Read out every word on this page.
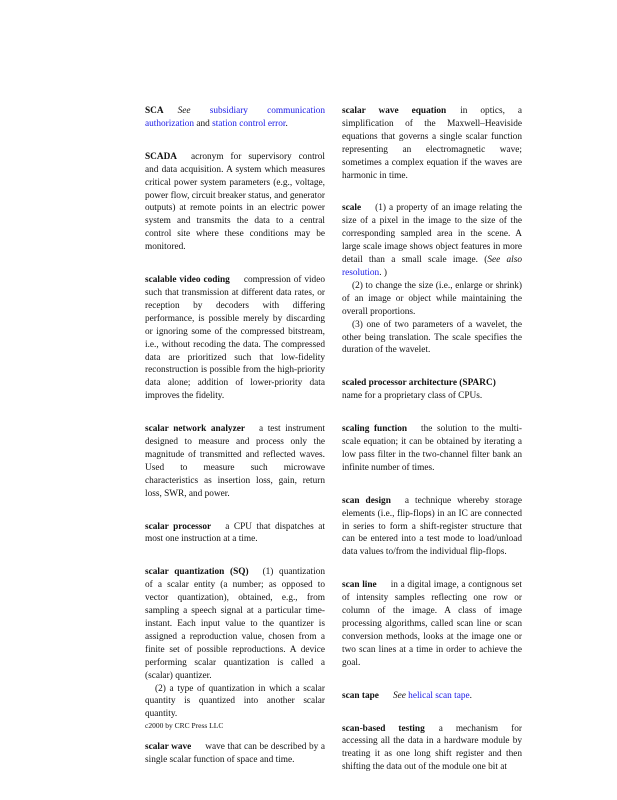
SCA See subsidiary communication authorization and station control error.

SCADA acronym for supervisory control and data acquisition. A system which measures critical power system parameters (e.g., voltage, power flow, circuit breaker status, and generator outputs) at remote points in an electric power system and transmits the data to a central control site where these conditions may be monitored.

scalable video coding compression of video such that transmission at different data rates, or reception by decoders with differing performance, is possible merely by discarding or ignoring some of the compressed bitstream, i.e., without recoding the data. The compressed data are prioritized such that low-fidelity reconstruction is possible from the high-priority data alone; addition of lower-priority data improves the fidelity.

scalar network analyzer a test instrument designed to measure and process only the magnitude of transmitted and reflected waves. Used to measure such microwave characteristics as insertion loss, gain, return loss, SWR, and power.

scalar processor a CPU that dispatches at most one instruction at a time.

scalar quantization (SQ) (1) quantization of a scalar entity (a number; as opposed to vector quantization), obtained, e.g., from sampling a speech signal at a particular time-instant. Each input value to the quantizer is assigned a reproduction value, chosen from a finite set of possible reproductions. A device performing scalar quantization is called a (scalar) quantizer.

(2) a type of quantization in which a scalar quantity is quantized into another scalar quantity.

scalar wave wave that can be described by a single scalar function of space and time.

scalar wave equation in optics, a simplification of the Maxwell–Heaviside equations that governs a single scalar function representing an electromagnetic wave; sometimes a complex equation if the waves are harmonic in time.

scale (1) a property of an image relating the size of a pixel in the image to the size of the corresponding sampled area in the scene. A large scale image shows object features in more detail than a small scale image. (See also resolution. )

(2) to change the size (i.e., enlarge or shrink) of an image or object while maintaining the overall proportions.

(3) one of two parameters of a wavelet, the other being translation. The scale specifies the duration of the wavelet.

scaled processor architecture (SPARC)
name for a proprietary class of CPUs.

scaling function the solution to the multi-scale equation; it can be obtained by iterating a low pass filter in the two-channel filter bank an infinite number of times.

scan design a technique whereby storage elements (i.e., flip-flops) in an IC are connected in series to form a shift-register structure that can be entered into a test mode to load/unload data values to/from the individual flip-flops.

scan line in a digital image, a contignous set of intensity samples reflecting one row or column of the image. A class of image processing algorithms, called scan line or scan conversion methods, looks at the image one or two scan lines at a time in order to achieve the goal.

scan tape See helical scan tape.

scan-based testing a mechanism for accessing all the data in a hardware module by treating it as one long shift register and then shifting the data out of the module one bit at

c2000 by CRC Press LLC
